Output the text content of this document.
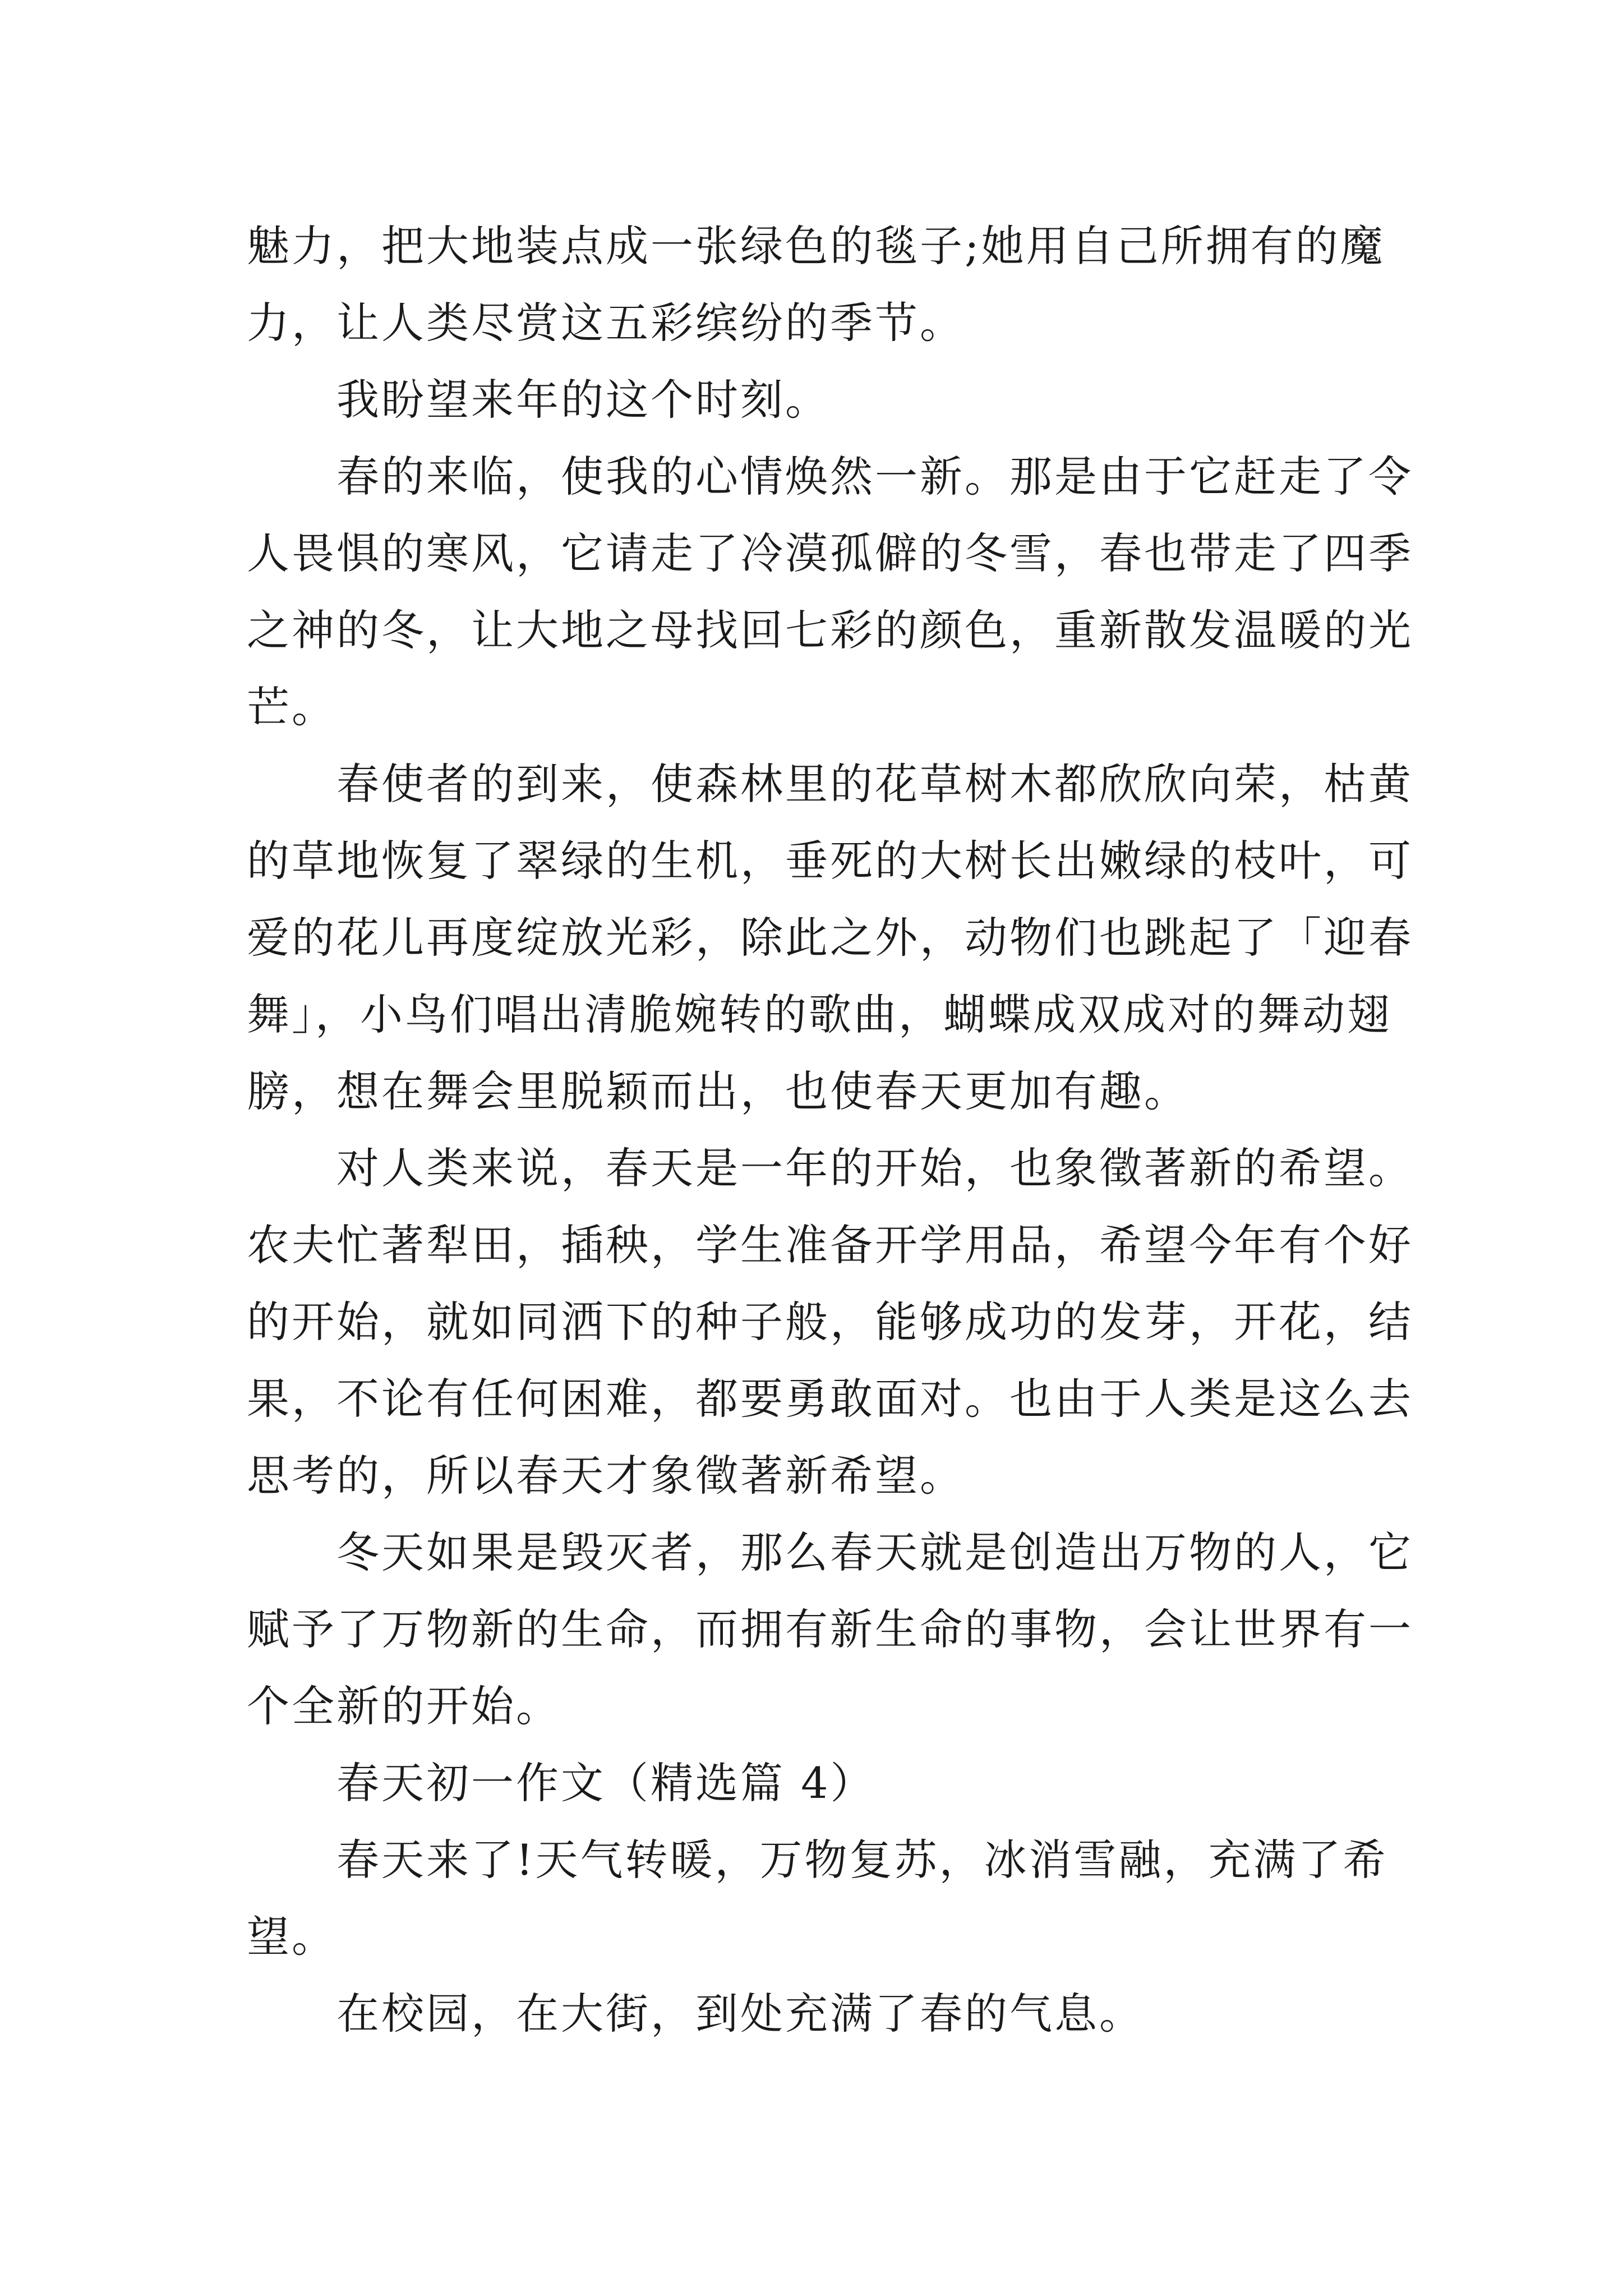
魅力，把大地装点成一张绿色的毯子;她用自己所拥有的魔
力，让人类尽赏这五彩缤纷的季节。
我盼望来年的这个时刻。
春的来临，使我的心情焕然一新。那是由于它赶走了令
人畏惧的寒风，它请走了冷漠孤僻的冬雪，春也带走了四季
之神的冬，让大地之母找回七彩的颜色，重新散发温暖的光
芒。
春使者的到来，使森林里的花草树木都欣欣向荣，枯黄
的草地恢复了翠绿的生机，垂死的大树长出嫩绿的枝叶，可
爱的花儿再度绽放光彩，除此之外，动物们也跳起了「迎春
舞」，小鸟们唱出清脆婉转的歌曲，蝴蝶成双成对的舞动翅
膀，想在舞会里脱颖而出，也使春天更加有趣。
对人类来说，春天是一年的开始，也象徵著新的希望。
农夫忙著犁田，插秧，学生准备开学用品，希望今年有个好
的开始，就如同洒下的种子般，能够成功的发芽，开花，结
果，不论有任何困难，都要勇敢面对。也由于人类是这么去
思考的，所以春天才象徵著新希望。
冬天如果是毁灭者，那么春天就是创造出万物的人，它
赋予了万物新的生命，而拥有新生命的事物，会让世界有一
个全新的开始。
春天初一作文（精选篇 4）
春天来了!天气转暖，万物复苏，冰消雪融，充满了希
望。
在校园，在大街，到处充满了春的气息。
